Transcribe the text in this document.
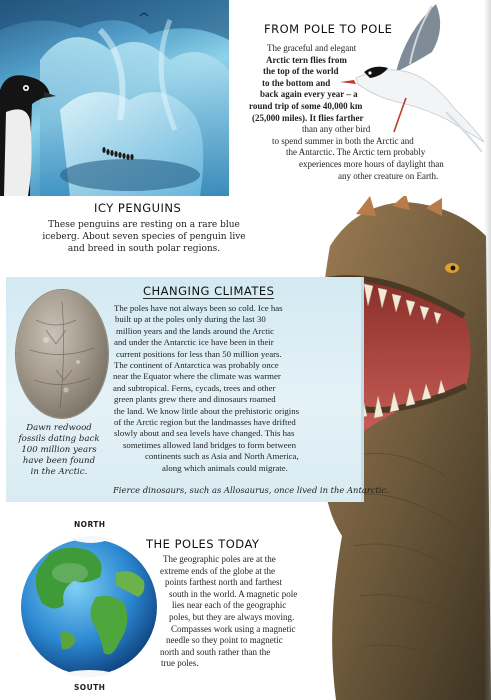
ICY PENGUINS
These penguins are resting on a rare blue iceberg. About seven species of penguin live and breed in south polar regions.
FROM POLE TO POLE
The graceful and elegant
Arctic tern flies from
the top of the world
to the bottom and
back again every year – a
round trip of some 40,000 km
(25,000 miles). It flies farther
than any other bird
to spend summer in both the Arctic and
the Antarctic. The Arctic tern probably
experiences more hours of daylight than
any other creature on Earth.
CHANGING CLIMATES
Dawn redwood fossils dating back 100 million years have been found in the Arctic.
The poles have not always been so cold. Ice has
built up at the poles only during the last 30
million years and the lands around the Arctic
and under the Antarctic ice have been in their
current positions for less than 50 million years.
The continent of Antarctica was probably once
near the Equator where the climate was warmer
and subtropical. Ferns, cycads, trees and other
green plants grew there and dinosaurs roamed
the land. We know little about the prehistoric origins
of the Arctic region but the landmasses have drifted
slowly about and sea levels have changed. This has
sometimes allowed land bridges to form between
continents such as Asia and North America,
along which animals could migrate.
Fierce dinosaurs, such as Allosaurus, once lived in the Antarctic.
NORTH
SOUTH
THE POLES TODAY
The geographic poles are at the
extreme ends of the globe at the
points farthest north and farthest
south in the world. A magnetic pole
lies near each of the geographic
poles, but they are always moving.
Compasses work using a magnetic
needle so they point to magnetic
north and south rather than the
true poles.
